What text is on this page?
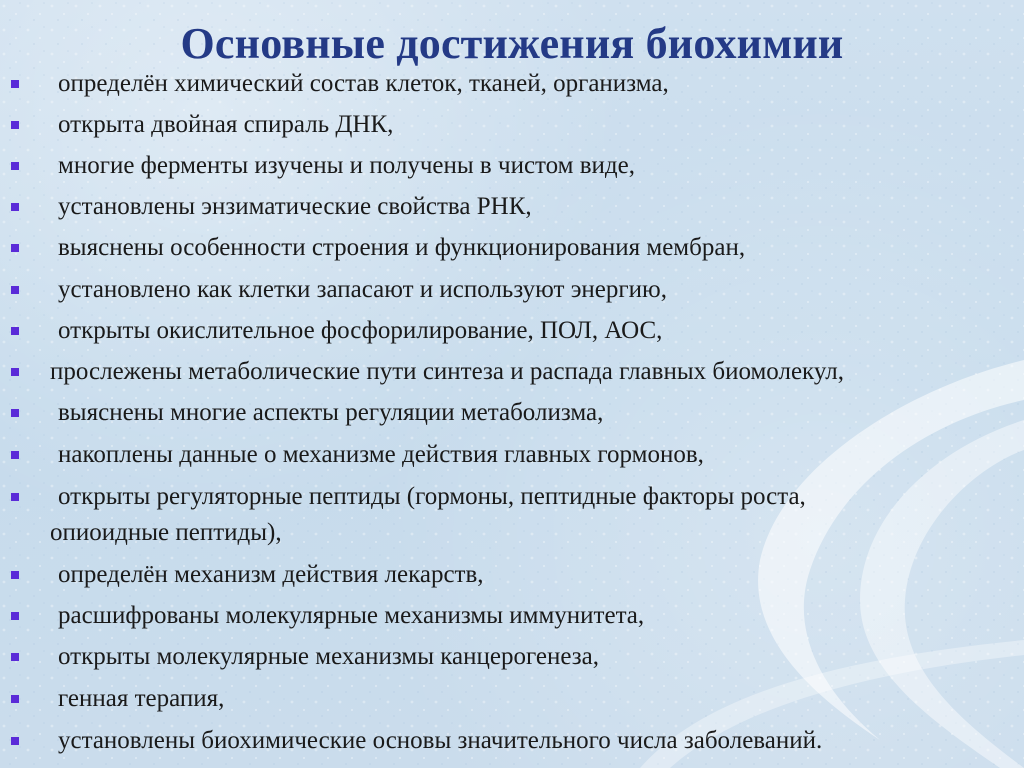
Основные достижения биохимии
определён химический состав клеток, тканей, организма,
открыта двойная спираль ДНК,
многие ферменты изучены и получены в чистом виде,
установлены энзиматические свойства РНК,
выяснены особенности строения и функционирования мембран,
установлено как клетки запасают и используют энергию,
открыты окислительное фосфорилирование, ПОЛ, АОС,
прослежены метаболические пути синтеза и распада главных биомолекул,
выяснены многие аспекты регуляции метаболизма,
накоплены данные о механизме действия главных гормонов,
открыты регуляторные пептиды (гормоны, пептидные факторы роста,
опиоидные пептиды),
определён механизм действия лекарств,
расшифрованы молекулярные механизмы иммунитета,
открыты молекулярные механизмы канцерогенеза,
генная терапия,
установлены биохимические основы значительного числа заболеваний.
